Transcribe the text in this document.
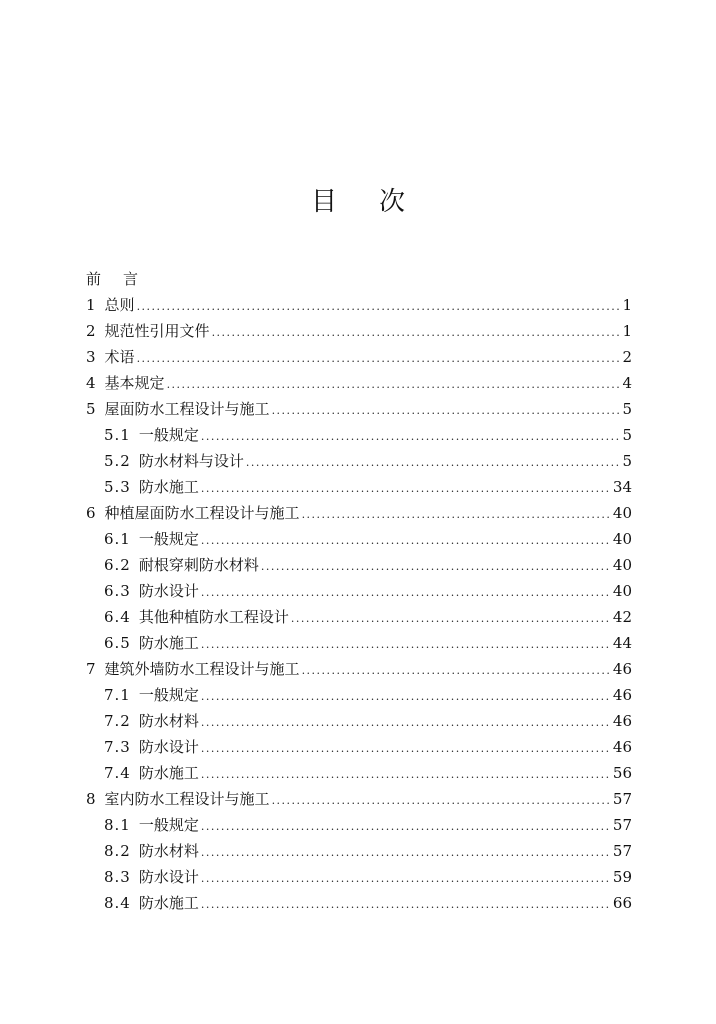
目次
前言
1 总则 .....	1
2 规范性引用文件 .....	1
3 术语 .....	2
4 基本规定 .....	4
5 屋面防水工程设计与施工 .....	5
5.1 一般规定 .....	5
5.2 防水材料与设计 .....	5
5.3 防水施工 .....	34
6 种植屋面防水工程设计与施工 .....	40
6.1 一般规定 .....	40
6.2 耐根穿刺防水材料 .....	40
6.3 防水设计 .....	40
6.4 其他种植防水工程设计 .....	42
6.5 防水施工 .....	44
7 建筑外墙防水工程设计与施工 .....	46
7.1 一般规定 .....	46
7.2 防水材料 .....	46
7.3 防水设计 .....	46
7.4 防水施工 .....	56
8 室内防水工程设计与施工 .....	57
8.1 一般规定 .....	57
8.2 防水材料 .....	57
8.3 防水设计 .....	59
8.4 防水施工 .....	66
